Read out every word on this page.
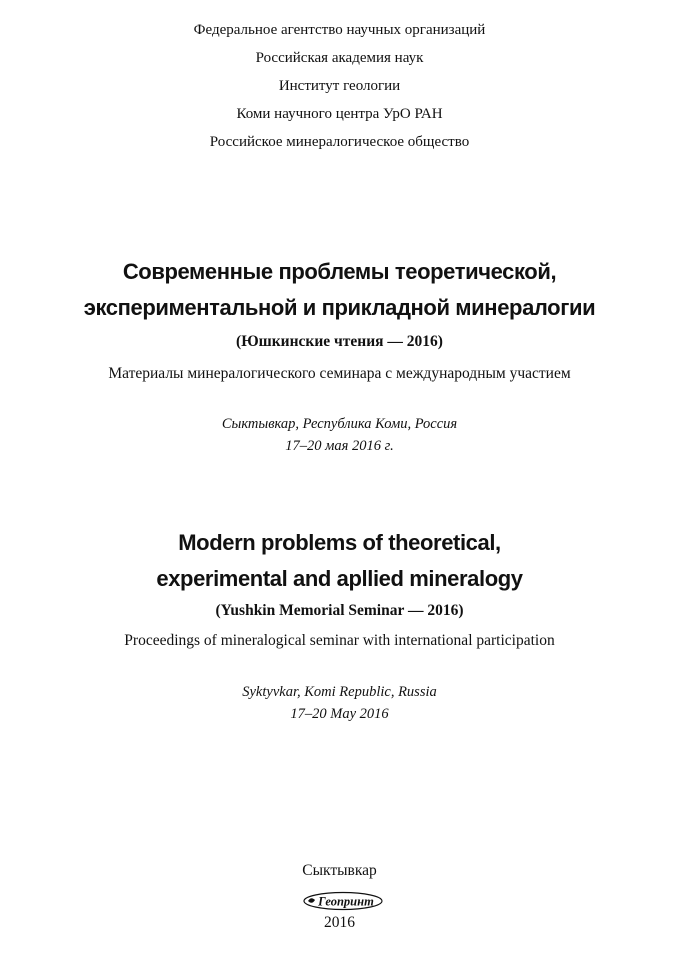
Федеральное агентство научных организаций
Российская академия наук
Институт геологии
Коми научного центра УрО РАН
Российское минералогическое общество
Современные проблемы теоретической,
экспериментальной и прикладной минералогии
(Юшкинские чтения — 2016)
Материалы минералогического семинара с международным участием
Сыктывкар, Республика Коми, Россия
17–20 мая 2016 г.
Modern problems of theoretical,
experimental and apllied mineralogy
(Yushkin Memorial Seminar — 2016)
Proceedings of mineralogical seminar with international participation
Syktyvkar, Komi Republic, Russia
17–20 May 2016
Сыктывкар
Геопринт
2016
